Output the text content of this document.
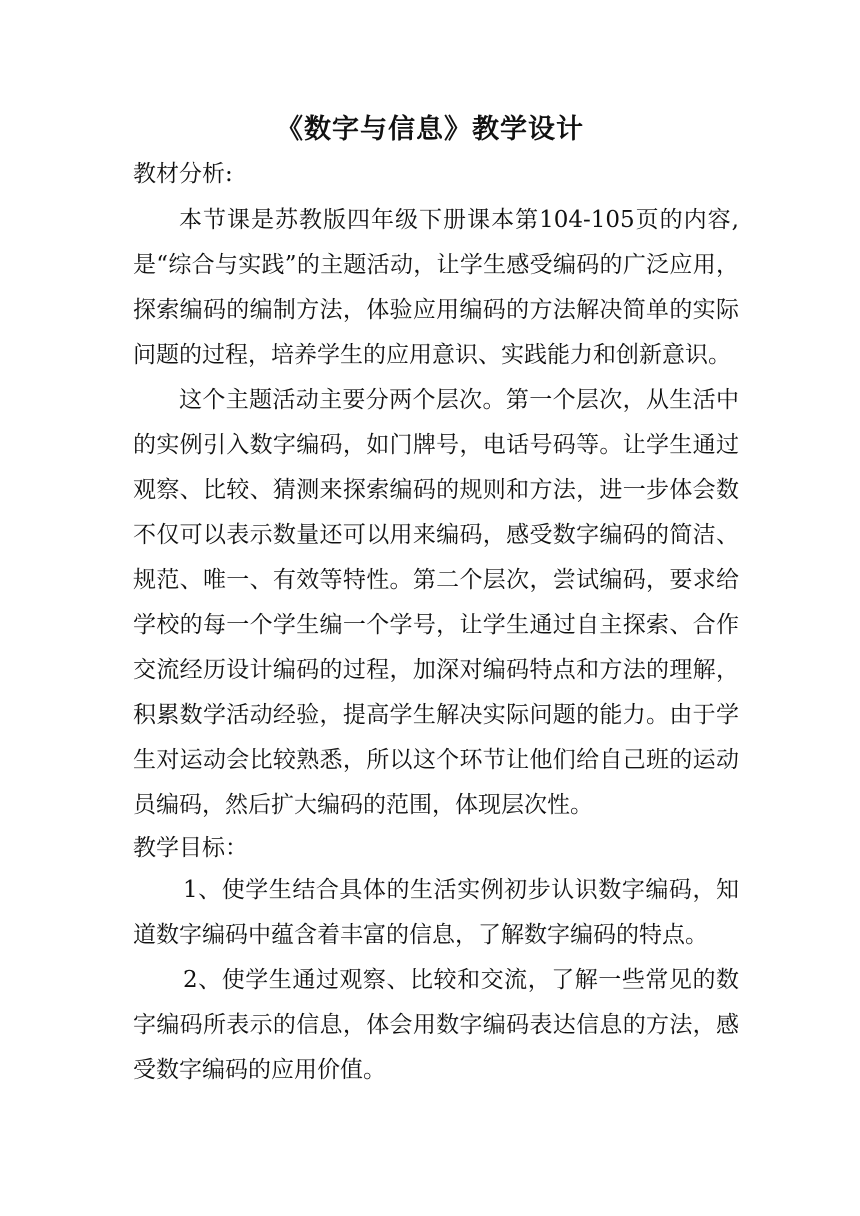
《数字与信息》教学设计
教材分析:

本节课是苏教版四年级下册课本第104-105页的内容,是“综合与实践”的主题活动，让学生感受编码的广泛应用，探索编码的编制方法，体验应用编码的方法解决简单的实际问题的过程，培养学生的应用意识、实践能力和创新意识。

这个主题活动主要分两个层次。第一个层次，从生活中的实例引入数字编码，如门牌号，电话号码等。让学生通过观察、比较、猜测来探索编码的规则和方法，进一步体会数不仅可以表示数量还可以用来编码，感受数字编码的简洁、规范、唯一、有效等特性。第二个层次，尝试编码，要求给学校的每一个学生编一个学号，让学生通过自主探索、合作交流经历设计编码的过程，加深对编码特点和方法的理解，积累数学活动经验，提高学生解决实际问题的能力。由于学生对运动会比较熟悉，所以这个环节让他们给自己班的运动员编码，然后扩大编码的范围，体现层次性。

教学目标：

1、使学生结合具体的生活实例初步认识数字编码，知道数字编码中蕴含着丰富的信息，了解数字编码的特点。

2、使学生通过观察、比较和交流，了解一些常见的数字编码所表示的信息，体会用数字编码表达信息的方法，感受数字编码的应用价值。
